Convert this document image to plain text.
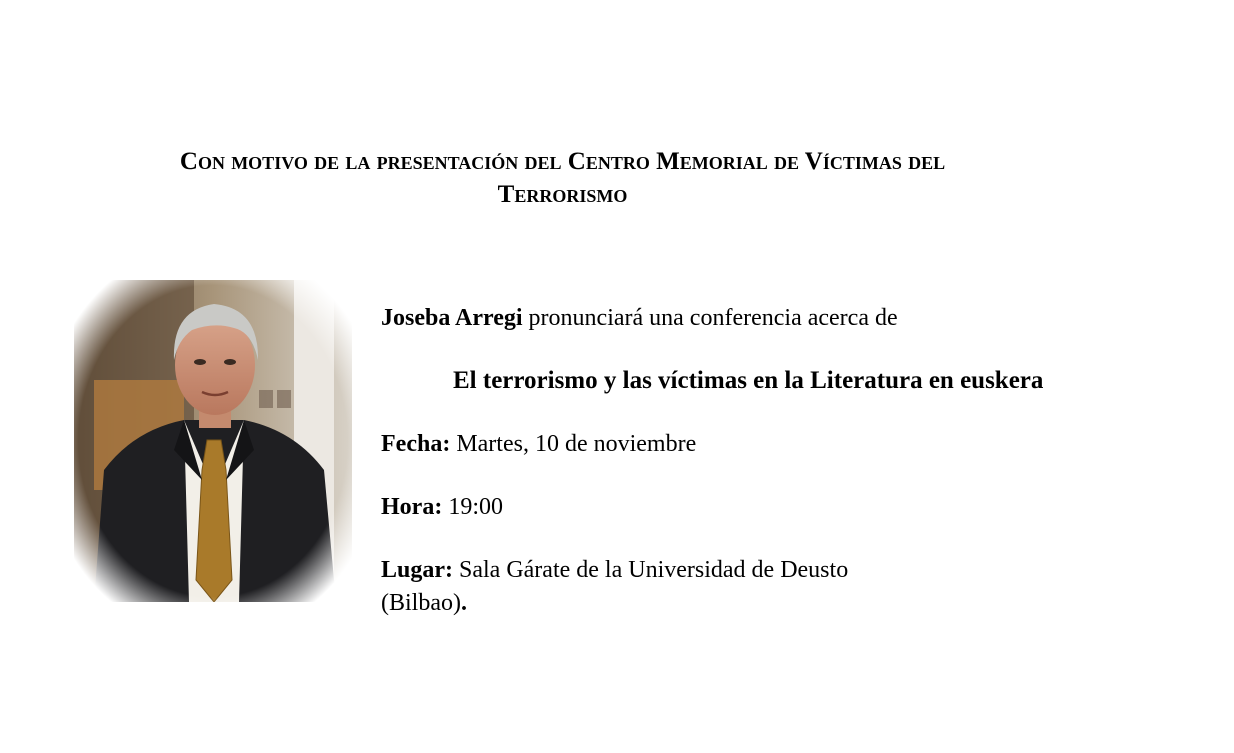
Con motivo de la presentación del Centro Memorial de Víctimas del
Terrorismo
Joseba Arregi pronunciará una conferencia acerca de
El terrorismo y las víctimas en la Literatura en euskera
Fecha: Martes, 10 de noviembre
Hora: 19:00
Lugar: Sala Gárate de la Universidad de Deusto
(Bilbao).
